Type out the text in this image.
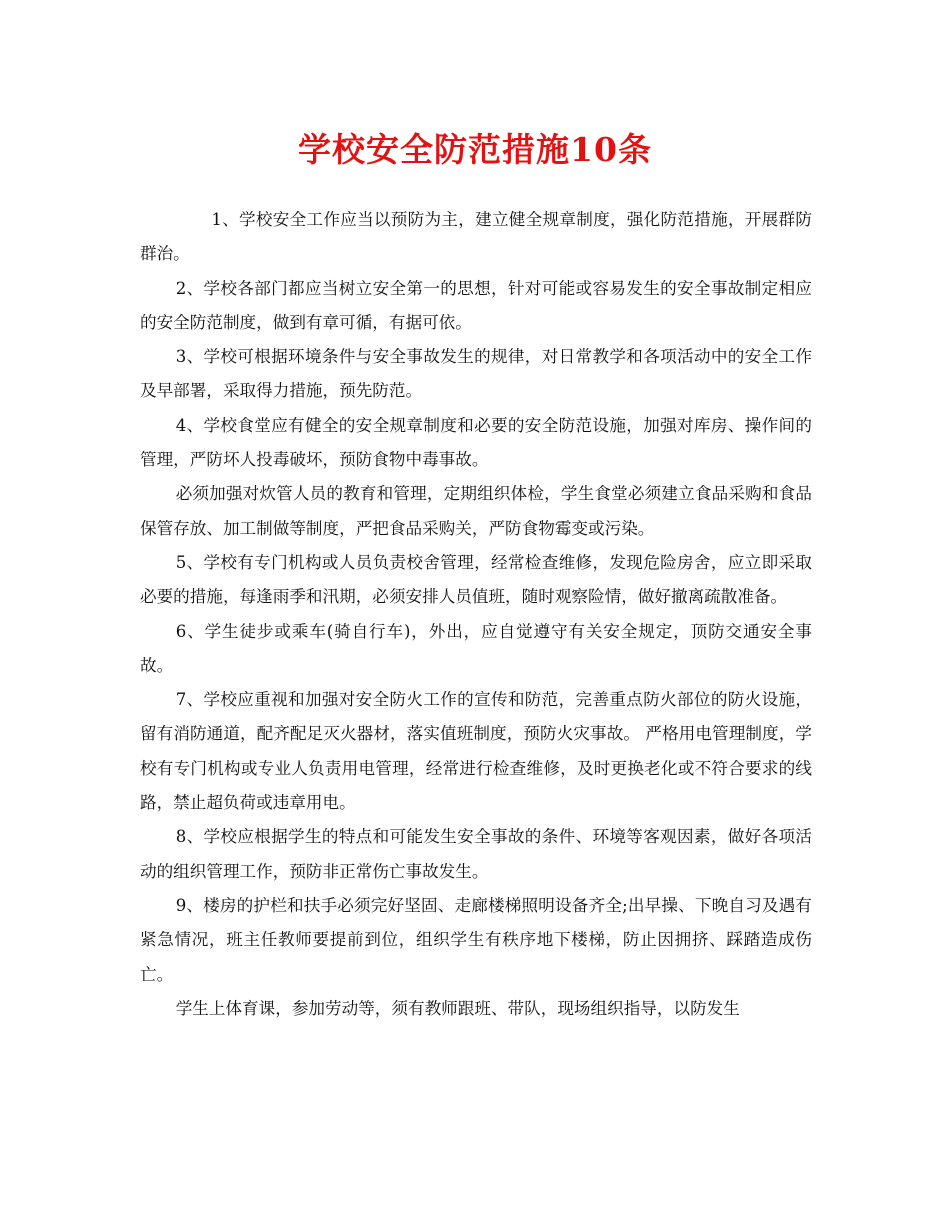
学校安全防范措施10条

1、学校安全工作应当以预防为主，建立健全规章制度，强化防范措施，开展群防群治。

2、学校各部门都应当树立安全第一的思想，针对可能或容易发生的安全事故制定相应的安全防范制度，做到有章可循，有据可依。

3、学校可根据环境条件与安全事故发生的规律，对日常教学和各项活动中的安全工作及早部署，采取得力措施，预先防范。

4、学校食堂应有健全的安全规章制度和必要的安全防范设施，加强对库房、操作间的管理，严防坏人投毒破坏，预防食物中毒事故。

必须加强对炊管人员的教育和管理，定期组织体检，学生食堂必须建立食品采购和食品保管存放、加工制做等制度，严把食品采购关，严防食物霉变或污染。

5、学校有专门机构或人员负责校舍管理，经常检查维修，发现危险房舍，应立即采取必要的措施，每逢雨季和汛期，必须安排人员值班，随时观察险情，做好撤离疏散准备。

6、学生徒步或乘车(骑自行车)，外出，应自觉遵守有关安全规定，顶防交通安全事故。

7、学校应重视和加强对安全防火工作的宣传和防范，完善重点防火部位的防火设施，留有消防通道，配齐配足灭火器材，落实值班制度，预防火灾事故。 严格用电管理制度，学校有专门机构或专业人负责用电管理，经常进行检查维修，及时更换老化或不符合要求的线路，禁止超负荷或违章用电。

8、学校应根据学生的特点和可能发生安全事故的条件、环境等客观因素，做好各项活动的组织管理工作，预防非正常伤亡事故发生。

9、楼房的护栏和扶手必须完好坚固、走廊楼梯照明设备齐全;出早操、下晚自习及遇有紧急情况，班主任教师要提前到位，组织学生有秩序地下楼梯，防止因拥挤、踩踏造成伤亡。

学生上体育课，参加劳动等，须有教师跟班、带队，现场组织指导，以防发生
